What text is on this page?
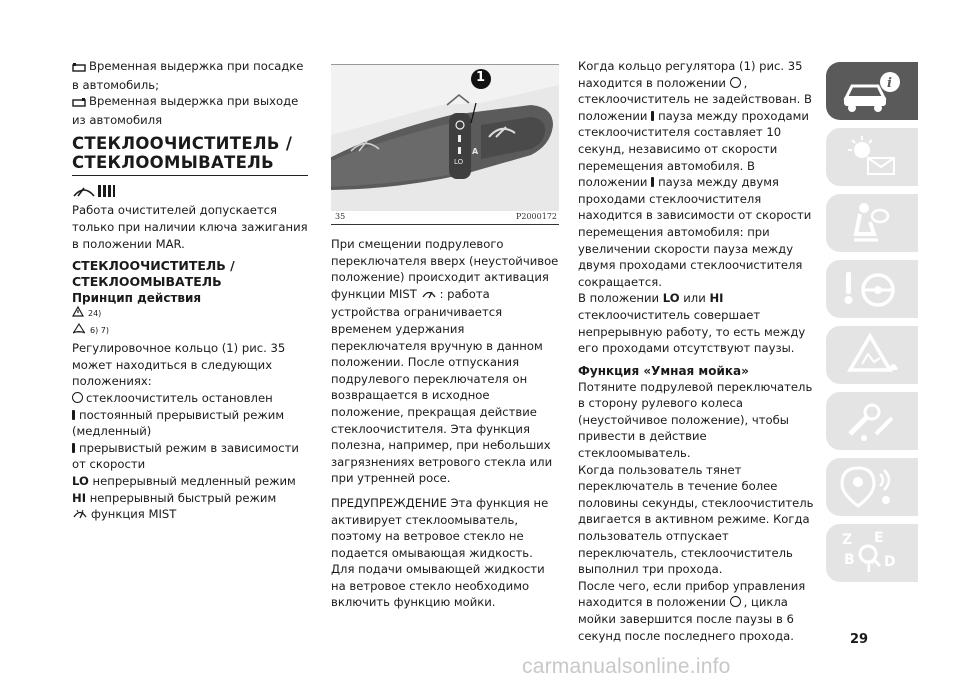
Временная выдержка при посадке в автомобиль;

Временная выдержка при выходе из автомобиля

СТЕКЛООЧИСТИТЕЛЬ / СТЕКЛООМЫВАТЕЛЬ

Работа очистителей допускается только при наличии ключа зажигания в положении MAR.

СТЕКЛООЧИСТИТЕЛЬ / СТЕКЛООМЫВАТЕЛЬ
Принцип действия
24)
6) 7)

Регулировочное кольцо (1) рис. 35 может находиться в следующих положениях:

стеклоочиститель остановлен

постоянный прерывистый режим (медленный)

прерывистый режим в зависимости от скорости

LO непрерывный медленный режим

HI непрерывный быстрый режим

функция MIST

1
LO
A
35	P2000172

При смещении подрулевого переключателя вверх (неустойчивое положение) происходит активация функции MIST : работа устройства ограничивается временем удержания переключателя вручную в данном положении. После отпускания подрулевого переключателя он возвращается в исходное положение, прекращая действие стеклоочистителя. Эта функция полезна, например, при небольших загрязнениях ветрового стекла или при утренней росе.

ПРЕДУПРЕЖДЕНИЕ Эта функция не активирует стеклоомыватель, поэтому на ветровое стекло не подается омывающая жидкость. Для подачи омывающей жидкости на ветровое стекло необходимо включить функцию мойки.

Когда кольцо регулятора (1) рис. 35 находится в положении , стеклоочиститель не задействован. В положении пауза между проходами стеклоочистителя составляет 10 секунд, независимо от скорости перемещения автомобиля. В положении пауза между двумя проходами стеклоочистителя находится в зависимости от скорости перемещения автомобиля: при увеличении скорости пауза между двумя проходами стеклоочистителя сокращается.

В положении LO или HI стеклоочиститель совершает непрерывную работу, то есть между его проходами отсутствуют паузы.

Функция «Умная мойка»

Потяните подрулевой переключатель в сторону рулевого колеса (неустойчивое положение), чтобы привести в действие стеклоомыватель.

Когда пользователь тянет переключатель в течение более половины секунды, стеклоочиститель двигается в активном режиме. Когда пользователь отпускает переключатель, стеклоочиститель выполнил три прохода.

После чего, если прибор управления находится в положении , цикла мойки завершится после паузы в 6 секунд после последнего прохода.

i
Z E
B T D
29
carmanualsonline.info
